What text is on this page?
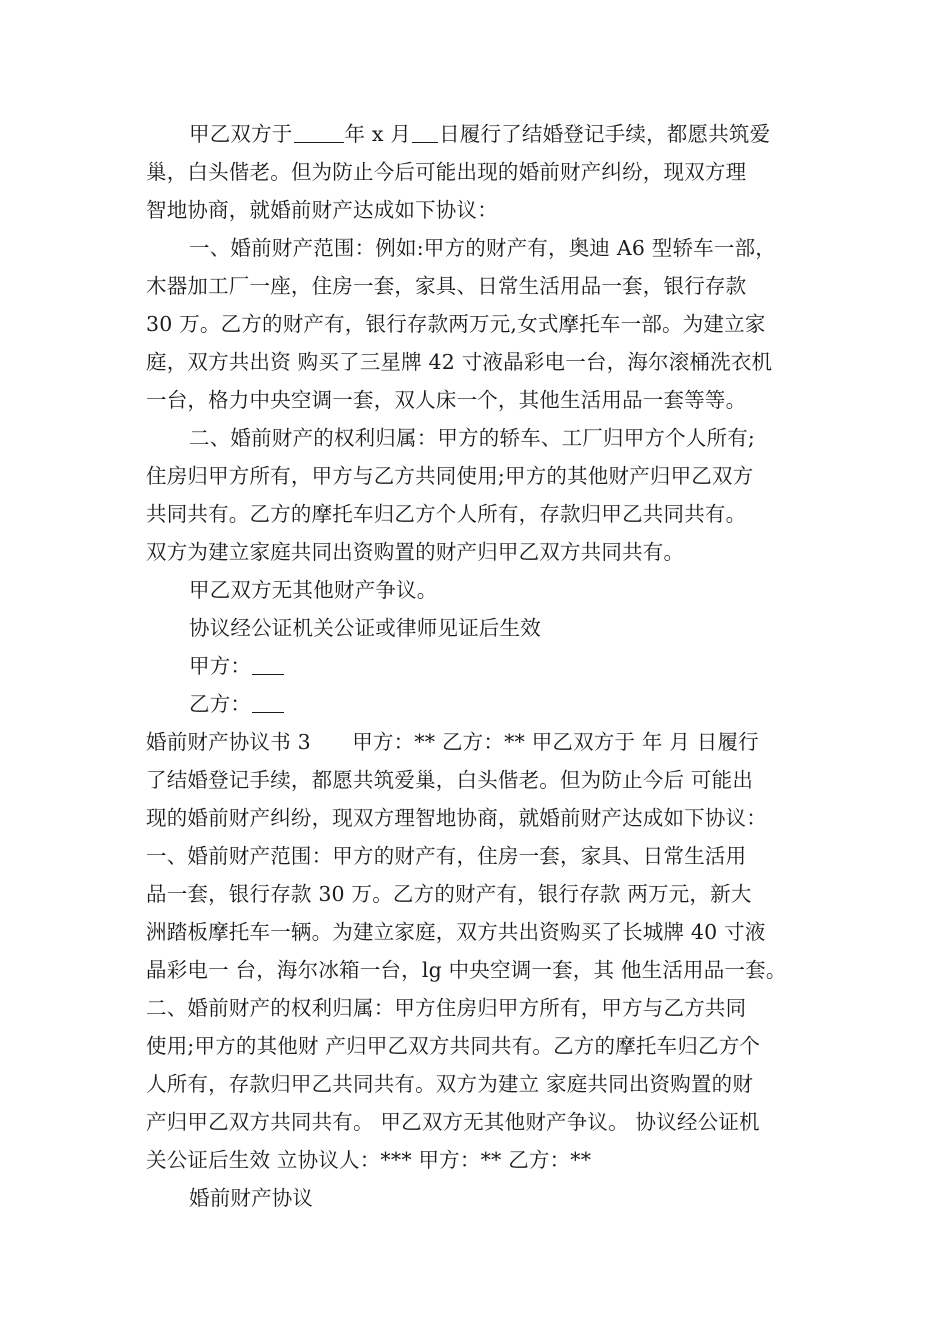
甲乙双方于	年 x 月 日履行了结婚登记手续，都愿共筑爱
巢，白头偕老。但为防止今后可能出现的婚前财产纠纷，现双方理
智地协商，就婚前财产达成如下协议：
一、婚前财产范围：例如:甲方的财产有，奥迪 A6 型轿车一部，
木器加工厂一座，住房一套，家具、日常生活用品一套，银行存款
30 万。乙方的财产有，银行存款两万元,女式摩托车一部。为建立家
庭，双方共出资 购买了三星牌 42 寸液晶彩电一台，海尔滚桶洗衣机
一台，格力中央空调一套，双人床一个，其他生活用品一套等等。
二、婚前财产的权利归属：甲方的轿车、工厂归甲方个人所有;
住房归甲方所有，甲方与乙方共同使用;甲方的其他财产归甲乙双方
共同共有。乙方的摩托车归乙方个人所有，存款归甲乙共同共有。
双方为建立家庭共同出资购置的财产归甲乙双方共同共有。
甲乙双方无其他财产争议。
协议经公证机关公证或律师见证后生效
甲方：
乙方：
婚前财产协议书 3　　甲方：** 乙方：** 甲乙双方于 年 月 日履行
了结婚登记手续，都愿共筑爱巢，白头偕老。但为防止今后 可能出
现的婚前财产纠纷，现双方理智地协商，就婚前财产达成如下协议：
一、婚前财产范围：甲方的财产有，住房一套，家具、日常生活用
品一套，银行存款 30 万。乙方的财产有，银行存款 两万元，新大
洲踏板摩托车一辆。为建立家庭，双方共出资购买了长城牌 40 寸液
晶彩电一 台，海尔冰箱一台，lg 中央空调一套，其 他生活用品一套。
二、婚前财产的权利归属：甲方住房归甲方所有，甲方与乙方共同
使用;甲方的其他财 产归甲乙双方共同共有。乙方的摩托车归乙方个
人所有，存款归甲乙共同共有。双方为建立 家庭共同出资购置的财
产归甲乙双方共同共有。 甲乙双方无其他财产争议。 协议经公证机
关公证后生效 立协议人：*** 甲方：** 乙方：**
婚前财产协议
